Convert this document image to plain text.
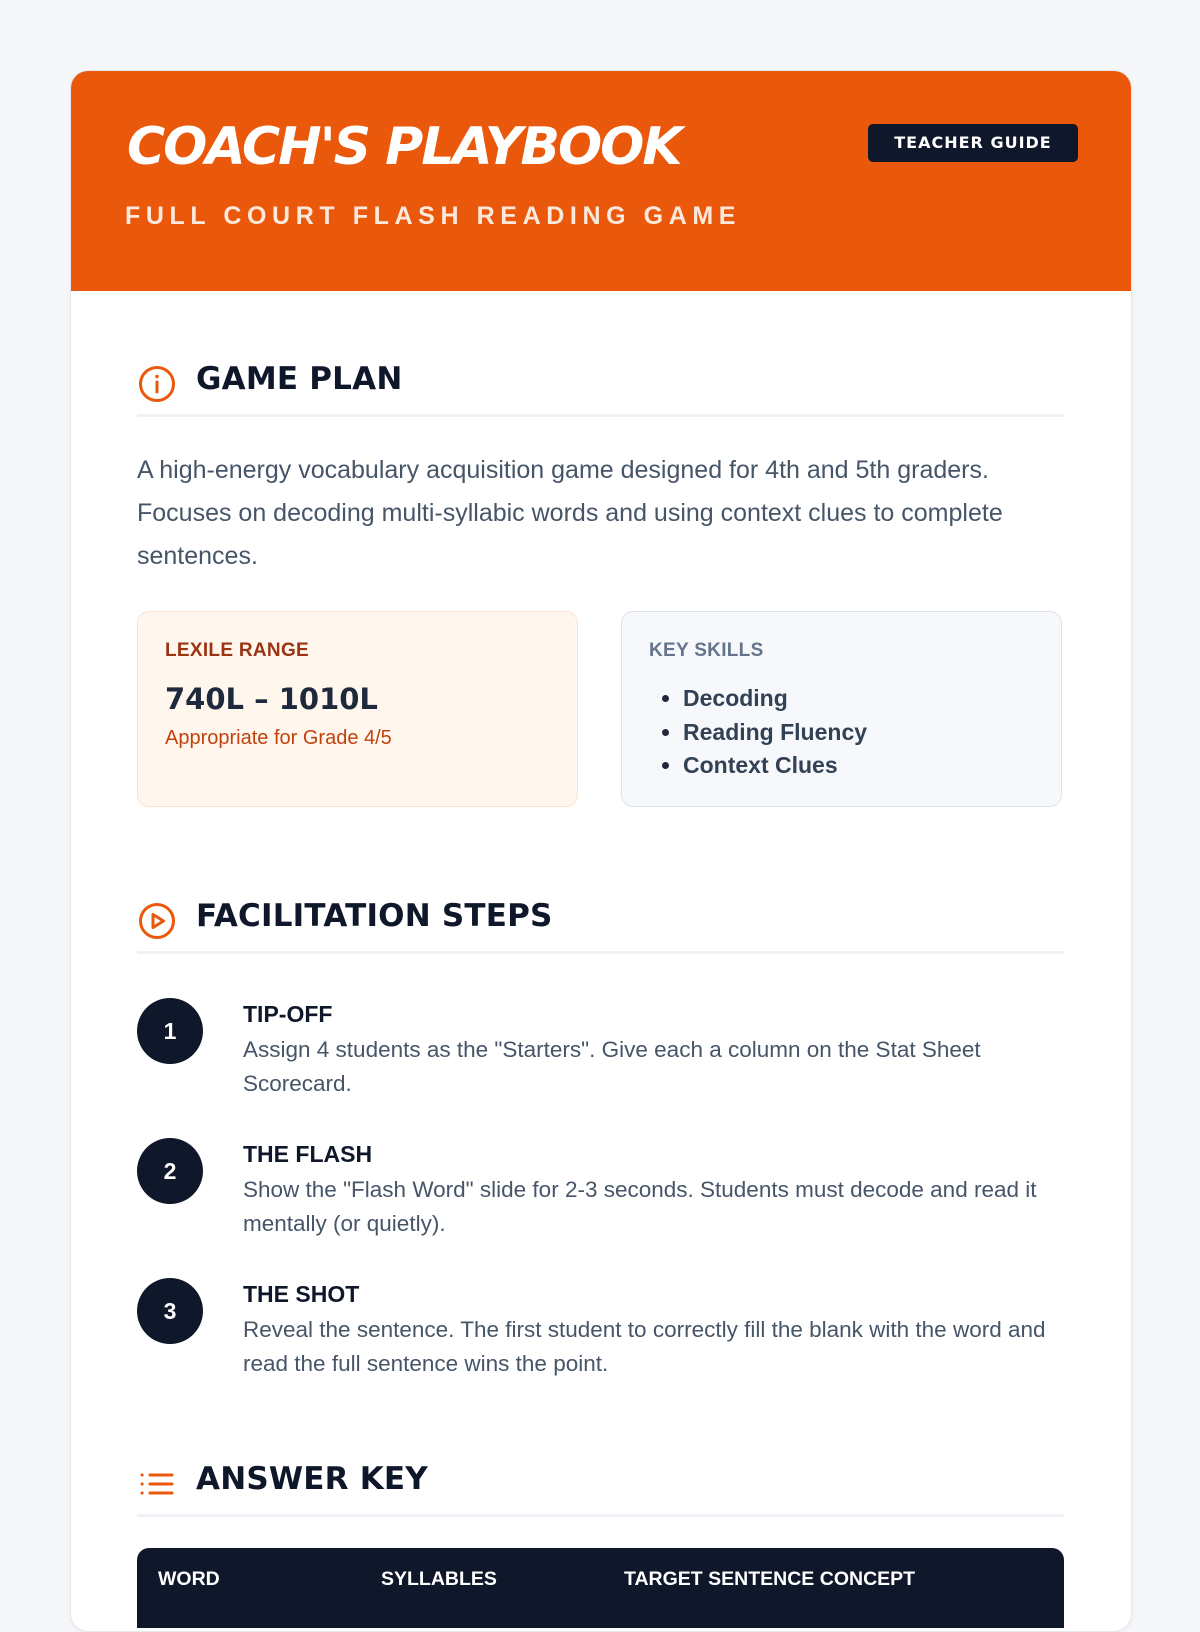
COACH'S PLAYBOOK
FULL COURT FLASH READING GAME
TEACHER GUIDE
GAME PLAN

A high-energy vocabulary acquisition game designed for 4th and 5th graders. Focuses on decoding multi-syllabic words and using context clues to complete sentences.

LEXILE RANGE
740L – 1010L
Appropriate for Grade 4/5
KEY SKILLS
• Decoding
• Reading Fluency
• Context Clues
FACILITATION STEPS
1
TIP-OFF
Assign 4 students as the "Starters". Give each a column on the Stat Sheet Scorecard.
2
THE FLASH
Show the "Flash Word" slide for 2-3 seconds. Students must decode and read it mentally (or quietly).
3
THE SHOT
Reveal the sentence. The first student to correctly fill the blank with the word and read the full sentence wins the point.
ANSWER KEY
WORD	SYLLABLES	TARGET SENTENCE CONCEPT
